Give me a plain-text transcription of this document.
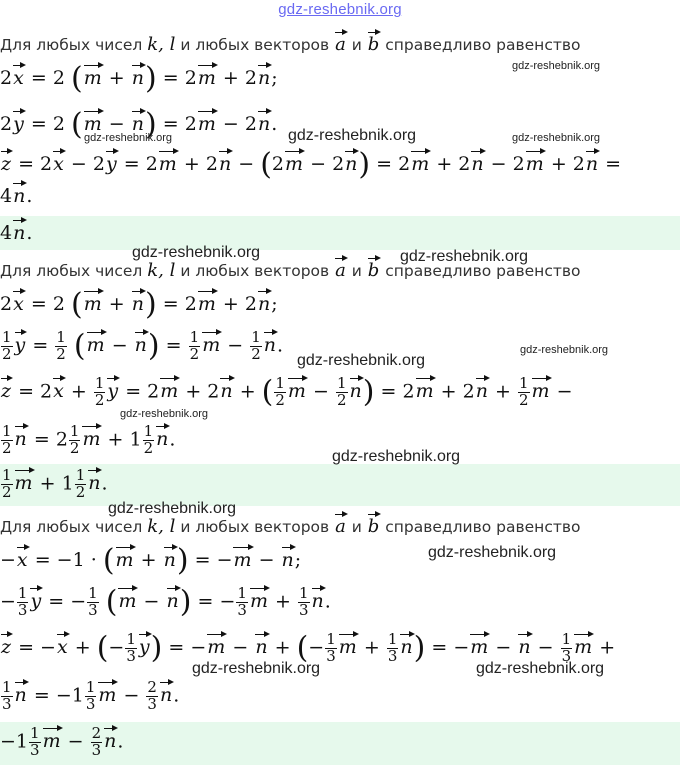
gdz-reshebnik.org
Для любых чисел k, l и любых векторов a и b справедливо равенство
2x = 2 (m + n) = 2m + 2n;
2y = 2 (m − n) = 2m − 2n.
z = 2x − 2y = 2m + 2n − (2m − 2n) = 2m + 2n − 2m + 2n =
4n.
4n.
Для любых чисел k, l и любых векторов a и b справедливо равенство
2x = 2 (m + n) = 2m + 2n;
$\frac{1}{2}$ $y = \frac{1}{2} (m - n) = \frac{1}{2}$ $m - \frac{1}{2} n$.
$z = 2x + \frac{1}{2}$ y = 2m + 2n + ( $\frac{1}{2}$ $m - \frac{1}{2} n) = 2m + 2n + \frac{1}{2}$ m −
$\frac{1}{2}$ $n = 2 \frac{1}{2}$ $m + 1 \frac{1}{2} n$.
$\frac{1}{2}$ $m + 1 \frac{1}{2} n$.
Для любых чисел k, l и любых векторов a и b справедливо равенство
−x = −1 · (m + n) = −m − n;
− $\frac{1}{3}$ y = − $\frac{1}{3} (m - n)$ = − $\frac{1}{3}$ $m + \frac{1}{3} n$.
z = −x + (− $\frac{1}{3} y) = -m - n$ + (− $\frac{1}{3}$ $m + \frac{1}{3} n) = -m - n - \frac{1}{3}$ m +
$\frac{1}{3}$ $n = -1 \frac{1}{3}$ $m - \frac{2}{3} n$.
$-1 \frac{1}{3}$ $m - \frac{2}{3} n$.
gdz-reshebnik.org
gdz-reshebnik.org	gdz-reshebnik.org	gdz-reshebnik.org
gdz-reshebnik.org	gdz-reshebnik.org
gdz-reshebnik.org
gdz-reshebnik.org
gdz-reshebnik.org
gdz-reshebnik.org
gdz-reshebnik.org
gdz-reshebnik.org
gdz-reshebnik.org	gdz-reshebnik.org
